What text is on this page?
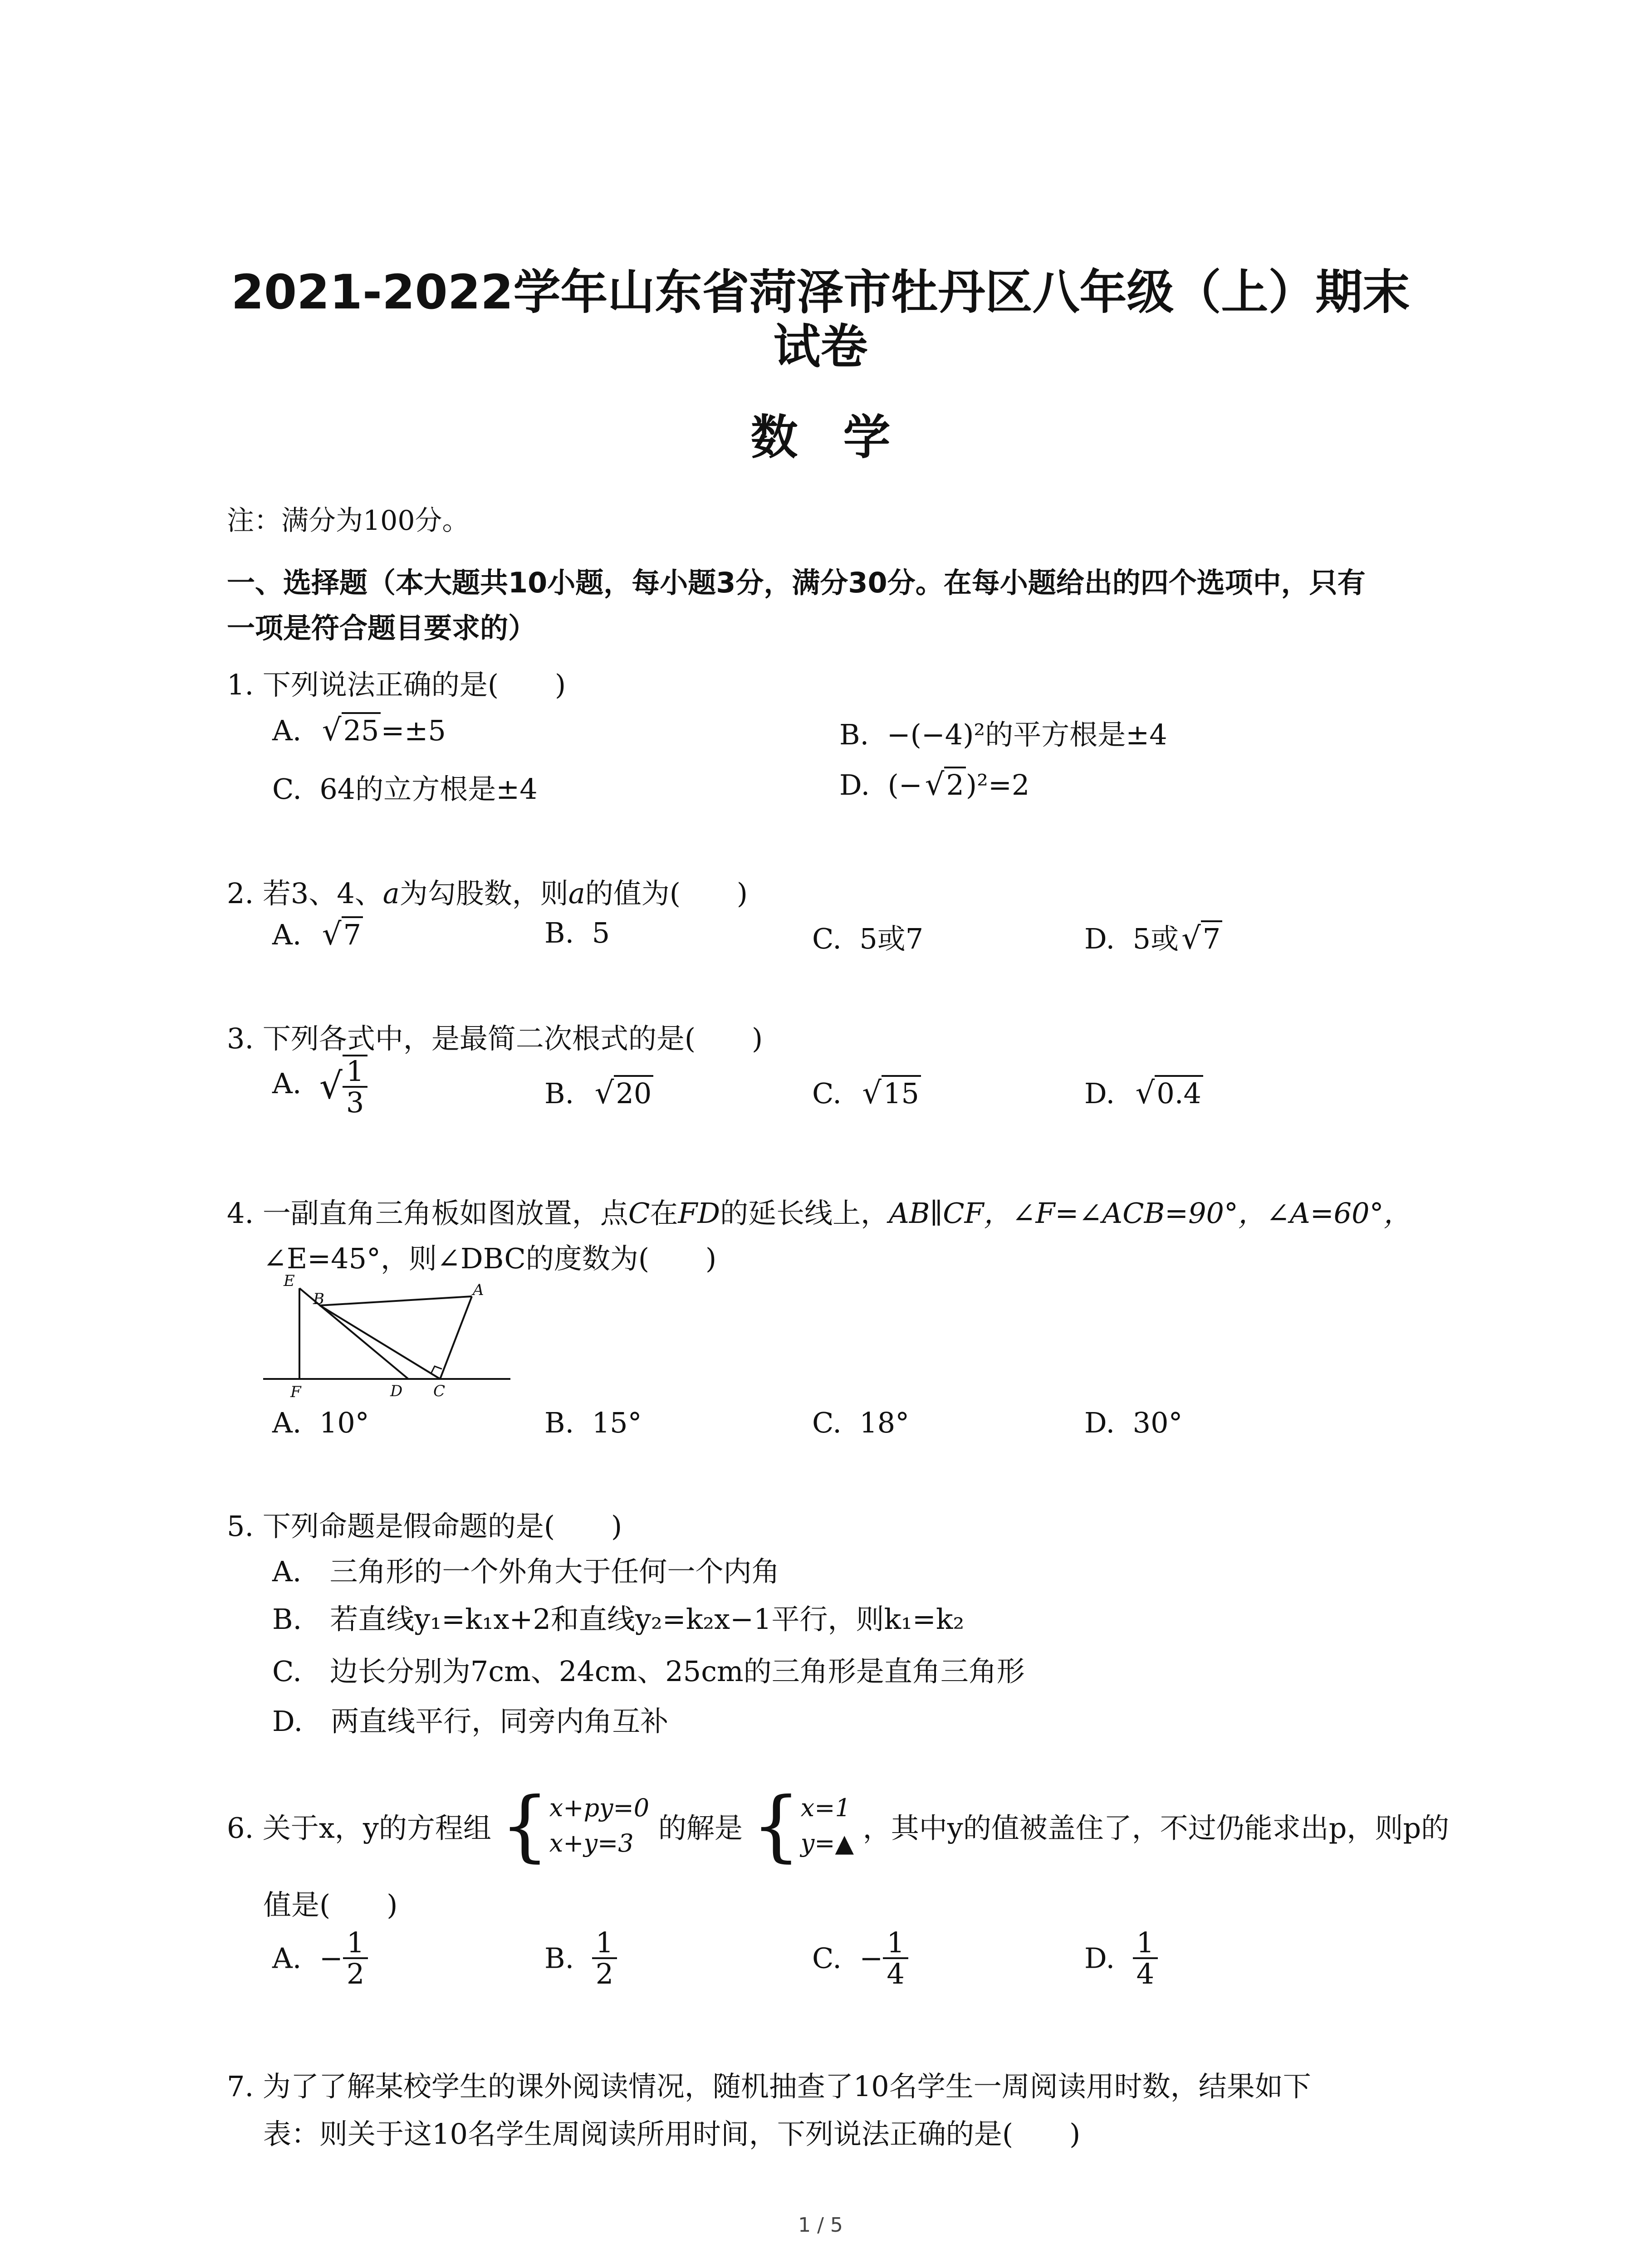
2021-2022学年山东省菏泽市牡丹区八年级（上）期末
试卷
数学
注：满分为100分。
一、选择题（本大题共10小题，每小题3分，满分30分。在每小题给出的四个选项中，只有
一项是符合题目要求的）
1. 下列说法正确的是(　　)
A. √25=±5	B. −(−4)²的平方根是±4
C. 64的立方根是±4	D. (−√2)²=2
2. 若3、4、a为勾股数，则a的值为(　　)
A. √7	B. 5	C. 5或7	D. 5或√7
3. 下列各式中，是最简二次根式的是(　　)
A. √ $\frac{1}{3}$	B. √20	C. √15	D. √0.4
4. 一副直角三角板如图放置，点C在FD的延长线上，AB∥CF，∠F=∠ACB=90°，∠A=60°，
∠E=45°，则∠DBC的度数为(　　)
E
B	A
F	D C
A. 10°	B. 15°	C. 18°	D. 30°
5. 下列命题是假命题的是(　　)
A.　三角形的一个外角大于任何一个内角
B.　若直线y₁=k₁x+2和直线y₂=k₂x−1平行，则k₁=k₂
C.　边长分别为7cm、24cm、25cm的三角形是直角三角形
D.　两直线平行，同旁内角互补
6. 关于x，y的方程组 { x+py=0
x+y=3 的解是 { x=1
y=▲ ，其中y的值被盖住了，不过仍能求出p，则p的
值是(　　)
A. − $\frac{1}{2}$	B. $\frac{1}{2}$	C. − $\frac{1}{4}$	D. $\frac{1}{4}$
7. 为了了解某校学生的课外阅读情况，随机抽查了10名学生一周阅读用时数，结果如下
表：则关于这10名学生周阅读所用时间，下列说法正确的是(　　)
1 / 5
